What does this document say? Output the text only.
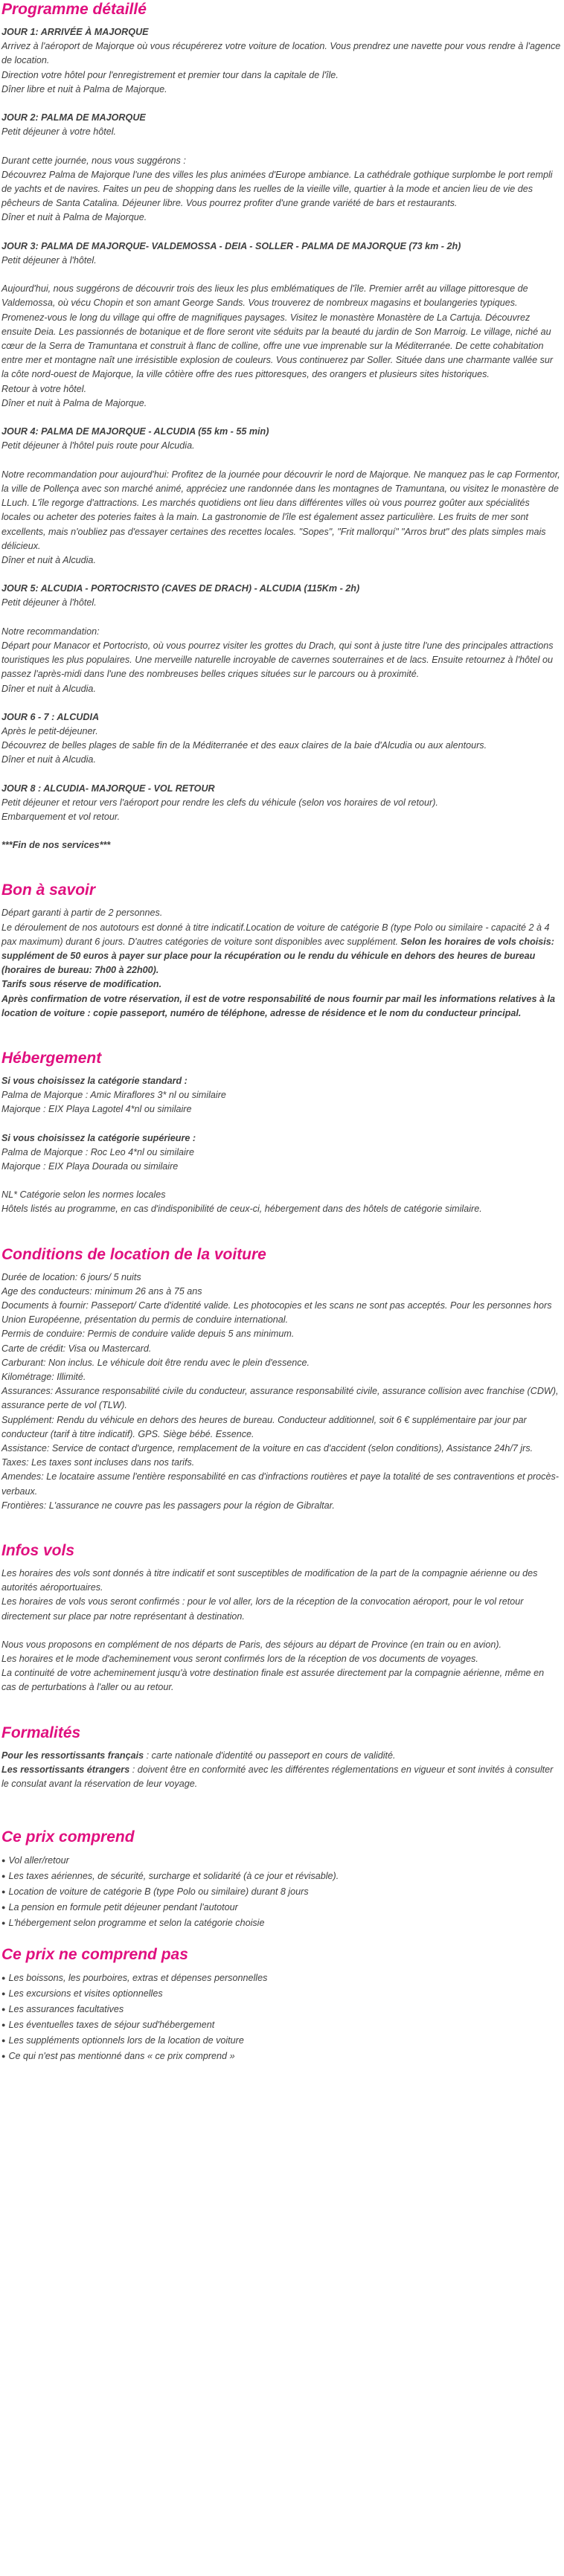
Programme détaillé
JOUR 1: ARRIVÉE À MAJORQUE
Arrivez à l'aéroport de Majorque où vous récupérerez votre voiture de location. Vous prendrez une navette pour vous rendre à l'agence de location.
Direction votre hôtel pour l'enregistrement et premier tour dans la capitale de l'île.
Dîner libre et nuit à Palma de Majorque.
JOUR 2: PALMA DE MAJORQUE
Petit déjeuner à votre hôtel.

Durant cette journée, nous vous suggérons :
Découvrez Palma de Majorque l'une des villes les plus animées d'Europe ambiance. La cathédrale gothique surplombe le port rempli de yachts et de navires. Faites un peu de shopping dans les ruelles de la vieille ville, quartier à la mode et ancien lieu de vie des pêcheurs de Santa Catalina. Déjeuner libre. Vous pourrez profiter d'une grande variété de bars et restaurants.
Dîner et nuit à Palma de Majorque.
JOUR 3: PALMA DE MAJORQUE- VALDEMOSSA - DEIA - SOLLER - PALMA DE MAJORQUE (73 km - 2h)
Petit déjeuner à l'hôtel.

Aujourd'hui, nous suggérons de découvrir trois des lieux les plus emblématiques de l'île. Premier arrêt au village pittoresque de Valdemossa, où vécu Chopin et son amant George Sands. Vous trouverez de nombreux magasins et boulangeries typiques. Promenez-vous le long du village qui offre de magnifiques paysages. Visitez le monastère Monastère de La Cartuja. Découvrez ensuite Deia. Les passionnés de botanique et de flore seront vite séduits par la beauté du jardin de Son Marroig. Le village, niché au cœur de la Serra de Tramuntana et construit à flanc de colline, offre une vue imprenable sur la Méditerranée. De cette cohabitation entre mer et montagne naît une irrésistible explosion de couleurs. Vous continuerez par Soller. Située dans une charmante vallée sur la côte nord-ouest de Majorque, la ville côtière offre des rues pittoresques, des orangers et plusieurs sites historiques.
Retour à votre hôtel.
Dîner et nuit à Palma de Majorque.
JOUR 4: PALMA DE MAJORQUE - ALCUDIA (55 km - 55 min)
Petit déjeuner à l'hôtel puis route pour Alcudia.

Notre recommandation pour aujourd'hui: Profitez de la journée pour découvrir le nord de Majorque. Ne manquez pas le cap Formentor, la ville de Pollença avec son marché animé, appréciez une randonnée dans les montagnes de Tramuntana, ou visitez le monastère de LLuch. L'île regorge d'attractions. Les marchés quotidiens ont lieu dans différentes villes où vous pourrez goûter aux spécialités locales ou acheter des poteries faites à la main. La gastronomie de l'île est également assez particulière. Les fruits de mer sont excellents, mais n'oubliez pas d'essayer certaines des recettes locales. "Sopes", "Frit mallorquí" "Arros brut" des plats simples mais délicieux.
Dîner et nuit à Alcudia.
JOUR 5: ALCUDIA - PORTOCRISTO (CAVES DE DRACH) - ALCUDIA (115Km - 2h)
Petit déjeuner à l'hôtel.

Notre recommandation:
Départ pour Manacor et Portocristo, où vous pourrez visiter les grottes du Drach, qui sont à juste titre l'une des principales attractions touristiques les plus populaires. Une merveille naturelle incroyable de cavernes souterraines et de lacs. Ensuite retournez à l'hôtel ou passez l'après-midi dans l'une des nombreuses belles criques situées sur le parcours ou à proximité.
Dîner et nuit à Alcudia.
JOUR 6 - 7 : ALCUDIA
Après le petit-déjeuner.
Découvrez de belles plages de sable fin de la Méditerranée et des eaux claires de la baie d'Alcudia ou aux alentours.
Dîner et nuit à Alcudia.
JOUR 8 : ALCUDIA- MAJORQUE - VOL RETOUR
Petit déjeuner et retour vers l'aéroport pour rendre les clefs du véhicule (selon vos horaires de vol retour).
Embarquement et vol retour.
***Fin de nos services***
Bon à savoir
Départ garanti à partir de 2 personnes.
Le déroulement de nos autotours est donné à titre indicatif.Location de voiture de catégorie B (type Polo ou similaire - capacité 2 à 4 pax maximum) durant 6 jours. D'autres catégories de voiture sont disponibles avec supplément. Selon les horaires de vols choisis: supplément de 50 euros à payer sur place pour la récupération ou le rendu du véhicule en dehors des heures de bureau (horaires de bureau: 7h00 à 22h00).
Tarifs sous réserve de modification.
Après confirmation de votre réservation, il est de votre responsabilité de nous fournir par mail les informations relatives à la location de voiture : copie passeport, numéro de téléphone, adresse de résidence et le nom du conducteur principal.
Hébergement
Si vous choisissez la catégorie standard :
Palma de Majorque : Amic Miraflores 3* nl ou similaire
Majorque : EIX Playa Lagotel 4*nl ou similaire
Si vous choisissez la catégorie supérieure :
Palma de Majorque : Roc Leo 4*nl ou similaire
Majorque : EIX Playa Dourada ou similaire
NL* Catégorie selon les normes locales
Hôtels listés au programme, en cas d'indisponibilité de ceux-ci, hébergement dans des hôtels de catégorie similaire.
Conditions de location de la voiture
Durée de location: 6 jours/ 5 nuits
Age des conducteurs: minimum 26 ans à 75 ans
Documents à fournir: Passeport/ Carte d'identité valide. Les photocopies et les scans ne sont pas acceptés. Pour les personnes hors Union Européenne, présentation du permis de conduire international.
Permis de conduire: Permis de conduire valide depuis 5 ans minimum.
Carte de crédit: Visa ou Mastercard.
Carburant: Non inclus. Le véhicule doit être rendu avec le plein d'essence.
Kilométrage: Illimité.
Assurances: Assurance responsabilité civile du conducteur, assurance responsabilité civile, assurance collision avec franchise (CDW), assurance perte de vol (TLW).
Supplément: Rendu du véhicule en dehors des heures de bureau. Conducteur additionnel, soit 6 € supplémentaire par jour par conducteur (tarif à titre indicatif). GPS. Siège bébé. Essence.
Assistance: Service de contact d'urgence, remplacement de la voiture en cas d'accident (selon conditions), Assistance 24h/7 jrs.
Taxes: Les taxes sont incluses dans nos tarifs.
Amendes: Le locataire assume l'entière responsabilité en cas d'infractions routières et paye la totalité de ses contraventions et procès-verbaux.
Frontières: L'assurance ne couvre pas les passagers pour la région de Gibraltar.
Infos vols
Les horaires des vols sont donnés à titre indicatif et sont susceptibles de modification de la part de la compagnie aérienne ou des autorités aéroportuaires.
Les horaires de vols vous seront confirmés : pour le vol aller, lors de la réception de la convocation aéroport, pour le vol retour directement sur place par notre représentant à destination.
Nous vous proposons en complément de nos départs de Paris, des séjours au départ de Province (en train ou en avion).
Les horaires et le mode d'acheminement vous seront confirmés lors de la réception de vos documents de voyages.
La continuité de votre acheminement jusqu'à votre destination finale est assurée directement par la compagnie aérienne, même en cas de perturbations à l'aller ou au retour.
Formalités
Pour les ressortissants français : carte nationale d'identité ou passeport en cours de validité.
Les ressortissants étrangers : doivent être en conformité avec les différentes réglementations en vigueur et sont invités à consulter le consulat avant la réservation de leur voyage.
Ce prix comprend
● Vol aller/retour
● Les taxes aériennes, de sécurité, surcharge et solidarité (à ce jour et révisable).
● Location de voiture de catégorie B (type Polo ou similaire) durant 8 jours
● La pension en formule petit déjeuner pendant l'autotour
● L'hébergement selon programme et selon la catégorie choisie
Ce prix ne comprend pas
● Les boissons, les pourboires, extras et dépenses personnelles
● Les excursions et visites optionnelles
● Les assurances facultatives
● Les éventuelles taxes de séjour sud'hébergement
● Les suppléments optionnels lors de la location de voiture
● Ce qui n'est pas mentionné dans « ce prix comprend »
